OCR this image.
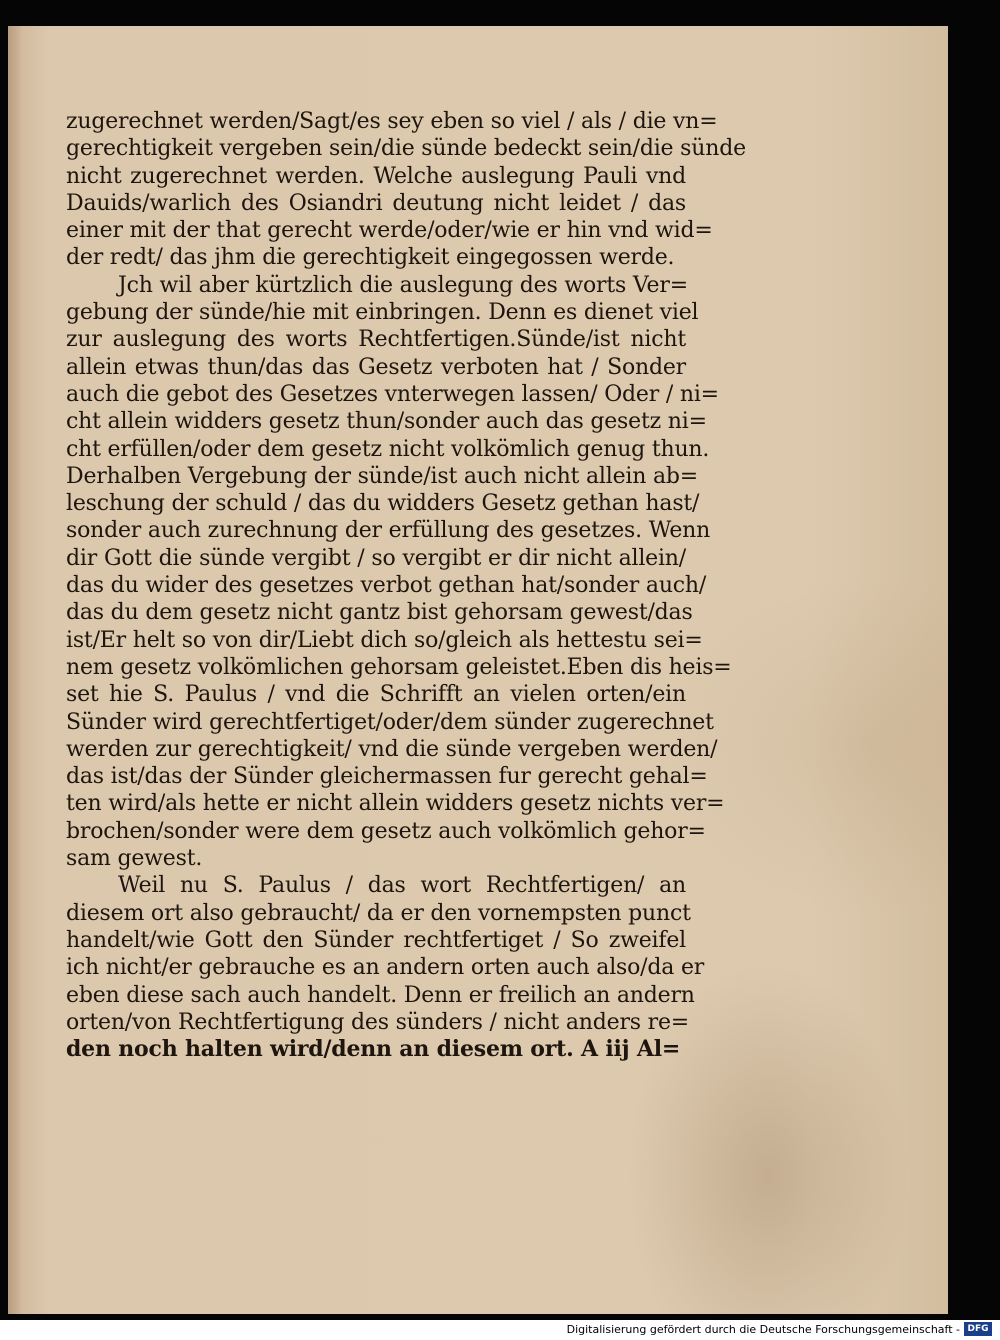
zugerechnet werden/Sagt/es sey eben so viel / als / die vn=
gerechtigkeit vergeben sein/die sünde bedeckt sein/die sünde
nicht zugerechnet werden. Welche auslegung Pauli vnd
Dauids/warlich des Osiandri deutung nicht leidet / das
einer mit der that gerecht werde/oder/wie er hin vnd wid=
der redt/ das jhm die gerechtigkeit eingegossen werde.
Jch wil aber kürtzlich die auslegung des worts Ver=
gebung der sünde/hie mit einbringen. Denn es dienet viel
zur auslegung des worts Rechtfertigen.Sünde/ist nicht
allein etwas thun/das das Gesetz verboten hat / Sonder
auch die gebot des Gesetzes vnterwegen lassen/ Oder / ni=
cht allein widders gesetz thun/sonder auch das gesetz ni=
cht erfüllen/oder dem gesetz nicht volkömlich genug thun.
Derhalben Vergebung der sünde/ist auch nicht allein ab=
leschung der schuld / das du widders Gesetz gethan hast/
sonder auch zurechnung der erfüllung des gesetzes. Wenn
dir Gott die sünde vergibt / so vergibt er dir nicht allein/
das du wider des gesetzes verbot gethan hat/sonder auch/
das du dem gesetz nicht gantz bist gehorsam gewest/das
ist/Er helt so von dir/Liebt dich so/gleich als hettestu sei=
nem gesetz volkömlichen gehorsam geleistet.Eben dis heis=
set hie S. Paulus / vnd die Schrifft an vielen orten/ein
Sünder wird gerechtfertiget/oder/dem sünder zugerechnet
werden zur gerechtigkeit/ vnd die sünde vergeben werden/
das ist/das der Sünder gleichermassen fur gerecht gehal=
ten wird/als hette er nicht allein widders gesetz nichts ver=
brochen/sonder were dem gesetz auch volkömlich gehor=
sam gewest.
Weil nu S. Paulus / das wort Rechtfertigen/ an
diesem ort also gebraucht/ da er den vornempsten punct
handelt/wie Gott den Sünder rechtfertiget / So zweifel
ich nicht/er gebrauche es an andern orten auch also/da er
eben diese sach auch handelt. Denn er freilich an andern
orten/von Rechtfertigung des sünders / nicht anders re=
den noch halten wird/denn an diesem ort. A iij Al=
Digitalisierung gefördert durch die Deutsche Forschungsgemeinschaft - DFG
